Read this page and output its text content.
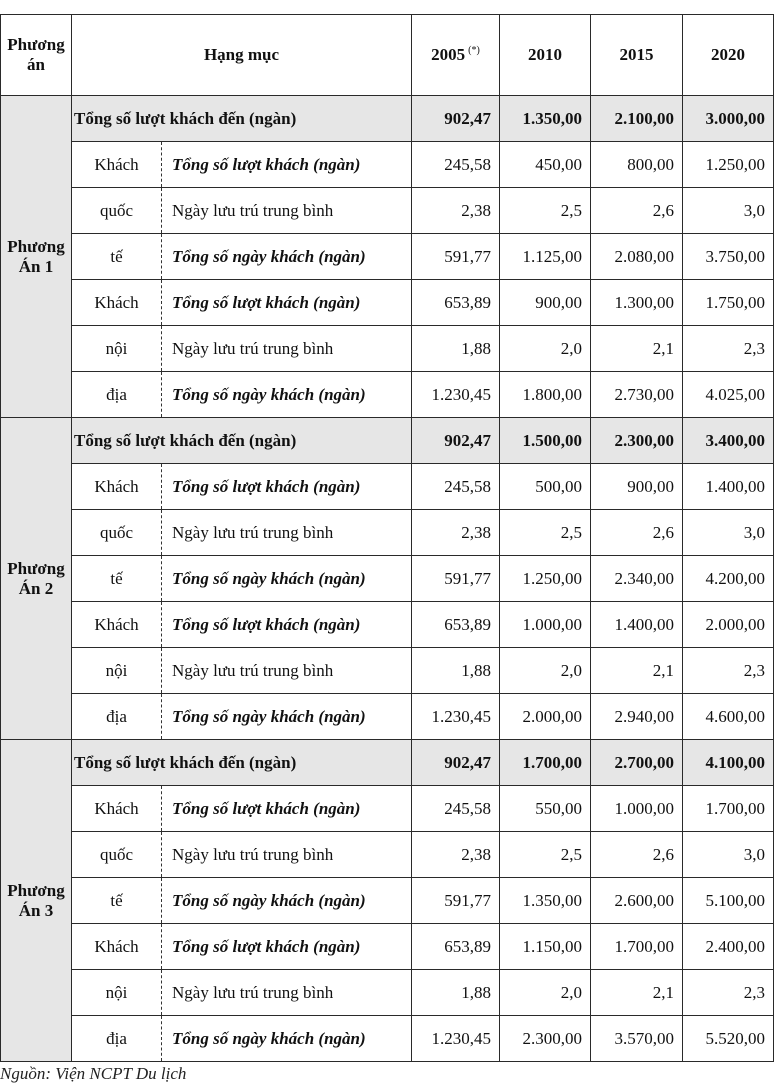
Phương án	Hạng mục		2005 (*)	2010	2015	2020

Phương
Án 1	Tổng số lượt khách đến (ngàn)		902,47	1.350,00	2.100,00	3.000,00
	Khách	Tổng số lượt khách (ngàn)	245,58	450,00	800,00	1.250,00
	quốc	Ngày lưu trú trung bình	2,38	2,5	2,6	3,0
	tế	Tổng số ngày khách (ngàn)	591,77	1.125,00	2.080,00	3.750,00
	Khách	Tổng số lượt khách (ngàn)	653,89	900,00	1.300,00	1.750,00
	nội	Ngày lưu trú trung bình	1,88	2,0	2,1	2,3
	địa	Tổng số ngày khách (ngàn)	1.230,45	1.800,00	2.730,00	4.025,00

Phương
Án 2	Tổng số lượt khách đến (ngàn)		902,47	1.500,00	2.300,00	3.400,00
	Khách	Tổng số lượt khách (ngàn)	245,58	500,00	900,00	1.400,00
	quốc	Ngày lưu trú trung bình	2,38	2,5	2,6	3,0
	tế	Tổng số ngày khách (ngàn)	591,77	1.250,00	2.340,00	4.200,00
	Khách	Tổng số lượt khách (ngàn)	653,89	1.000,00	1.400,00	2.000,00
	nội	Ngày lưu trú trung bình	1,88	2,0	2,1	2,3
	địa	Tổng số ngày khách (ngàn)	1.230,45	2.000,00	2.940,00	4.600,00

Phương
Án 3	Tổng số lượt khách đến (ngàn)		902,47	1.700,00	2.700,00	4.100,00
	Khách	Tổng số lượt khách (ngàn)	245,58	550,00	1.000,00	1.700,00
	quốc	Ngày lưu trú trung bình	2,38	2,5	2,6	3,0
	tế	Tổng số ngày khách (ngàn)	591,77	1.350,00	2.600,00	5.100,00
	Khách	Tổng số lượt khách (ngàn)	653,89	1.150,00	1.700,00	2.400,00
	nội	Ngày lưu trú trung bình	1,88	2,0	2,1	2,3
	địa	Tổng số ngày khách (ngàn)	1.230,45	2.300,00	3.570,00	5.520,00
Nguồn: Viện NCPT Du lịch
